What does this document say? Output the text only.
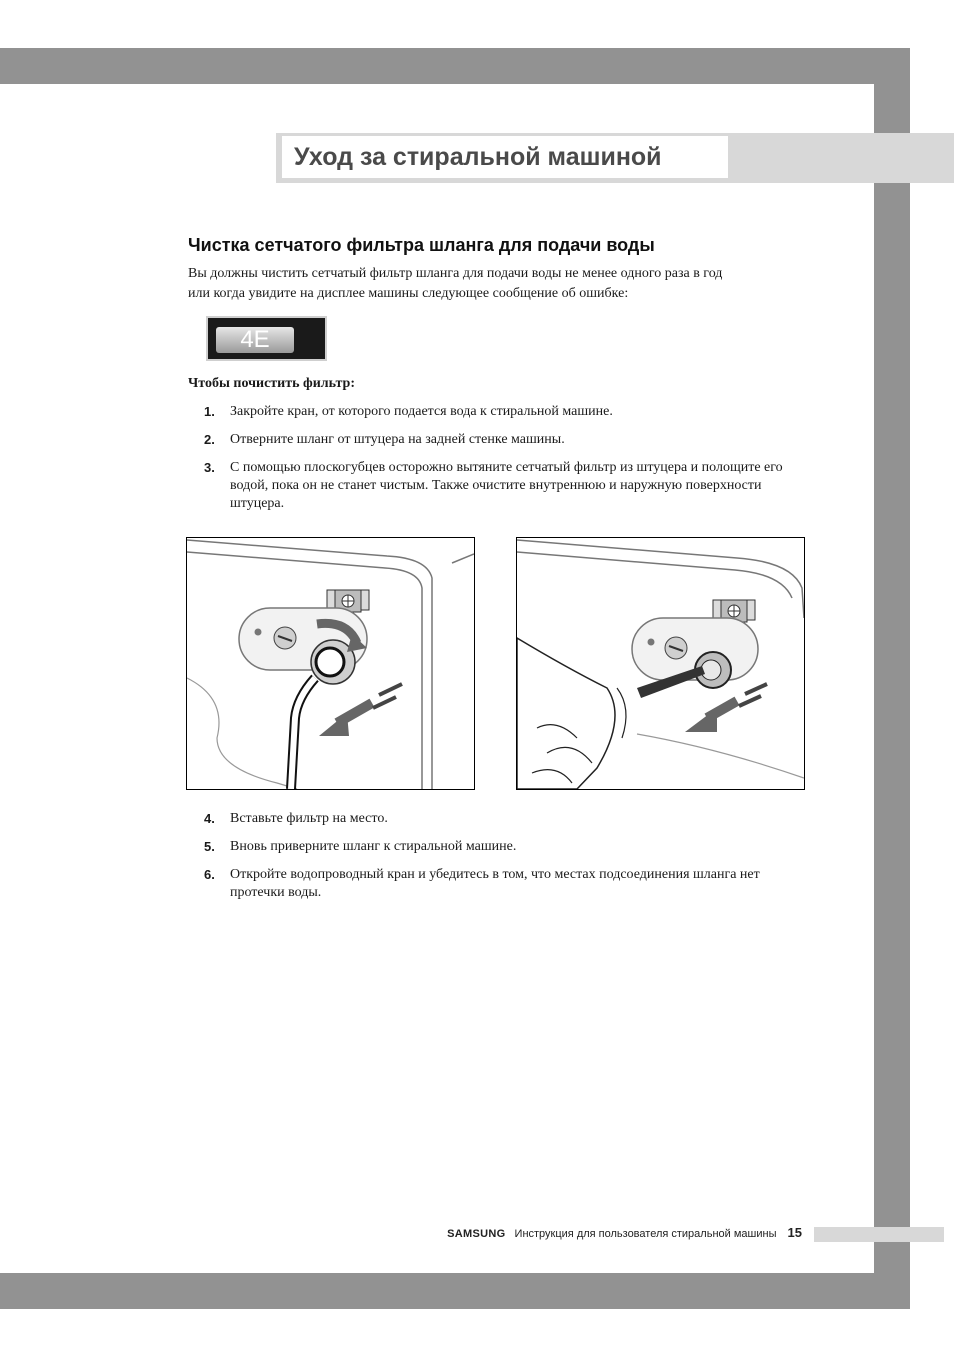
Уход за стиральной машиной
Чистка сетчатого фильтра шланга для подачи воды
Вы должны чистить сетчатый фильтр шланга для подачи воды не менее одного раза в год
или когда увидите на дисплее машины следующее сообщение об ошибке:
4E
Чтобы почистить фильтр:
1. Закройте кран, от которого подается вода к стиральной машине.
2. Отверните шланг от штуцера на задней стенке машины.
3. С помощью плоскогубцев осторожно вытяните сетчатый фильтр из штуцера и полощите его водой, пока он не станет чистым. Также очистите внутреннюю и наружную поверхности штуцера.
4. Вставьте фильтр на место.
5. Вновь приверните шланг к стиральной машине.
6. Откройте водопроводный кран и убедитесь в том, что местах подсоединения шланга нет протечки воды.
SAMSUNG Инструкция для пользователя стиральной машины 15
